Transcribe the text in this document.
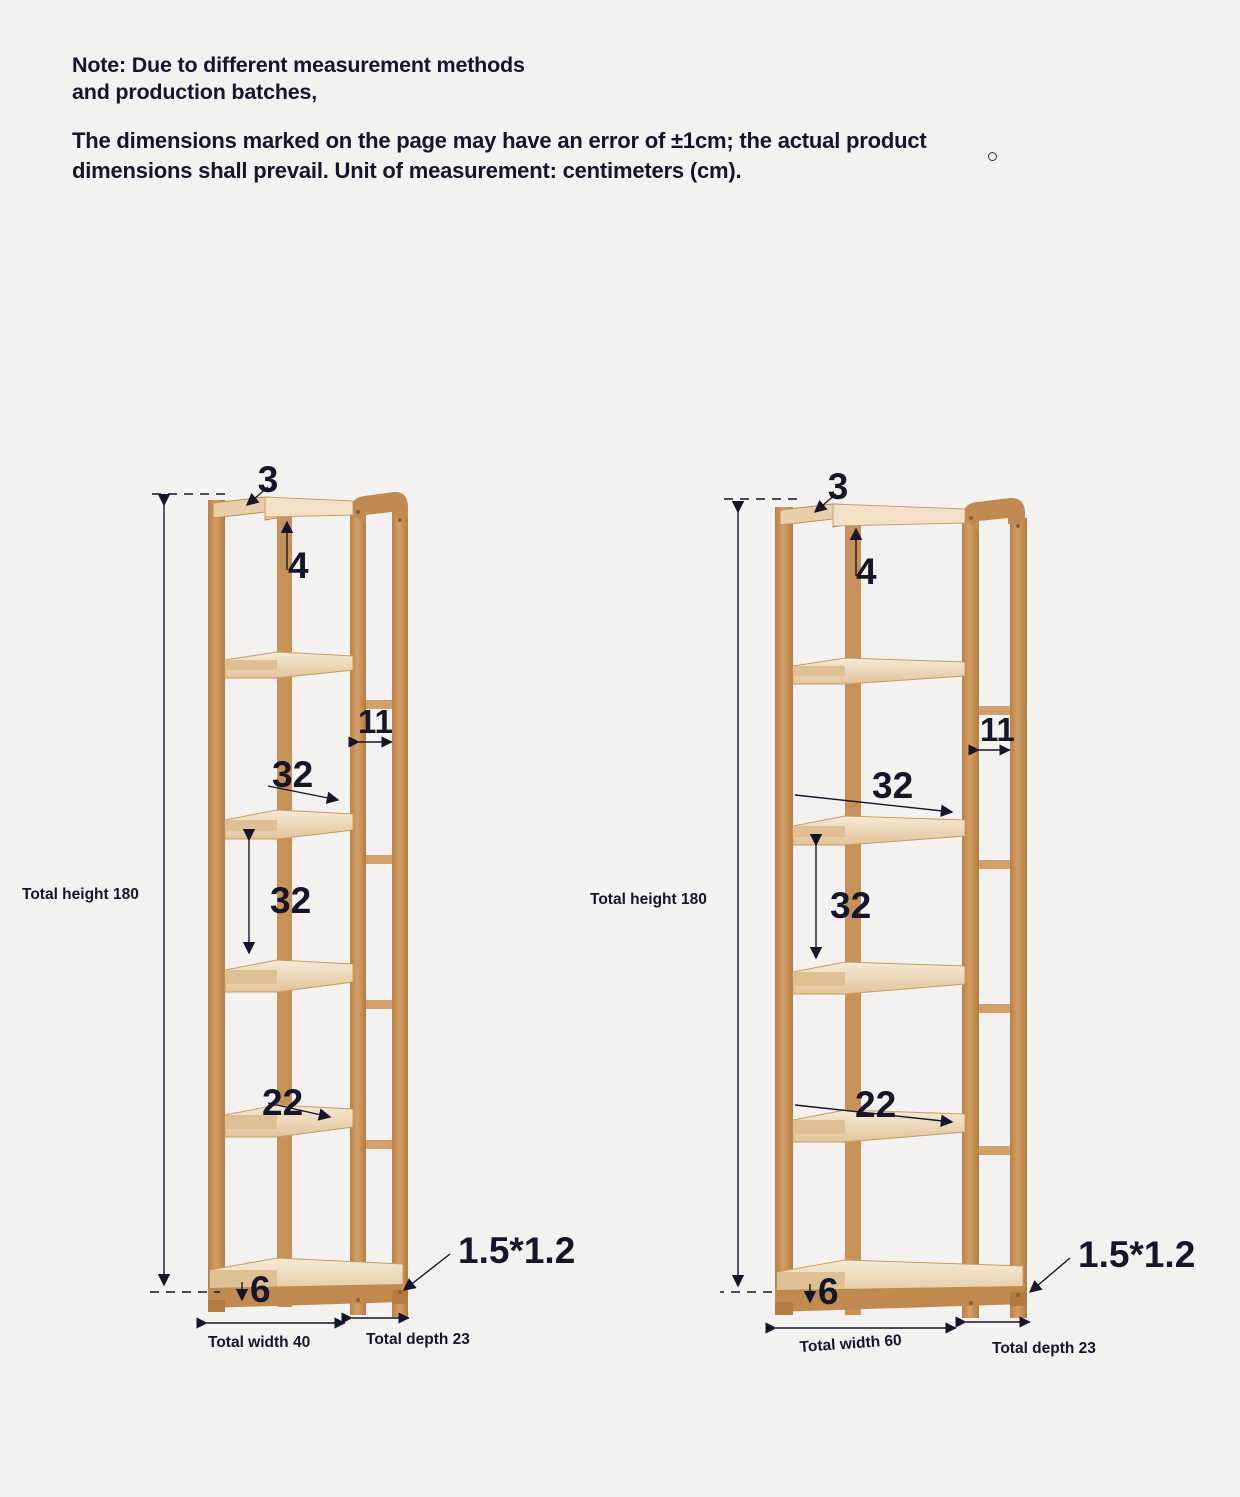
Note: Due to different measurement methods and production batches,

The dimensions marked on the page may have an error of ±1cm; the actual product dimensions shall prevail. Unit of measurement: centimeters (cm).

3
4
11
32
32
22
6
1.5*1.2
Total height 180
Total width 40	Total depth 23
3
4
11
32
32
22
6
1.5*1.2
Total height 180
Total width 60	Total depth 23
